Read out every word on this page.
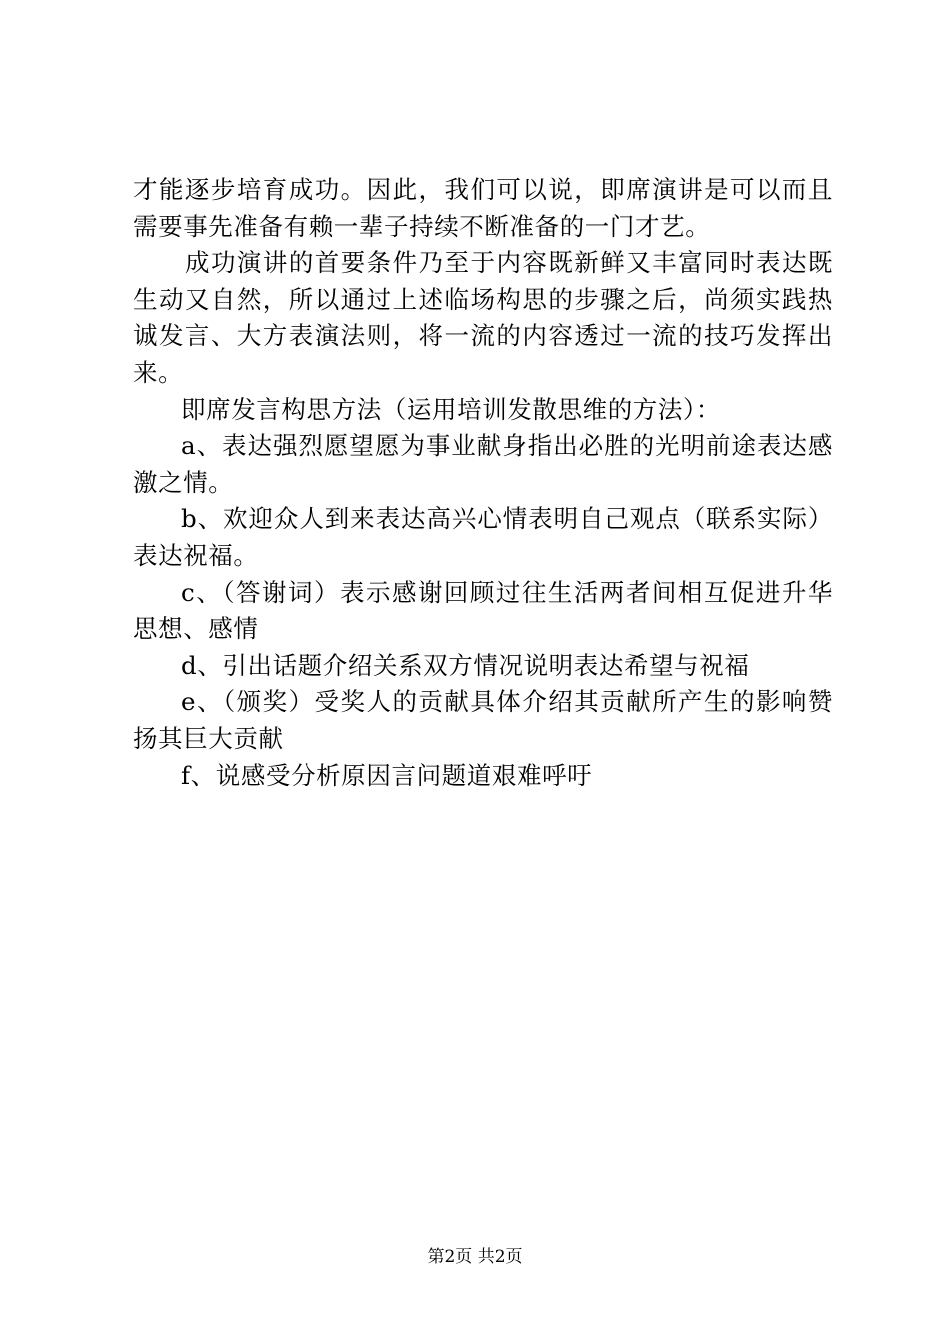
才能逐步培育成功。因此，我们可以说，即席演讲是可以而且需要事先准备有赖一辈子持续不断准备的一门才艺。

成功演讲的首要条件乃至于内容既新鲜又丰富同时表达既生动又自然，所以通过上述临场构思的步骤之后，尚须实践热诚发言、大方表演法则，将一流的内容透过一流的技巧发挥出来。

即席发言构思方法（运用培训发散思维的方法）：

a、表达强烈愿望愿为事业献身指出必胜的光明前途表达感激之情。

b、欢迎众人到来表达高兴心情表明自己观点（联系实际）表达祝福。

c、（答谢词）表示感谢回顾过往生活两者间相互促进升华思想、感情

d、引出话题介绍关系双方情况说明表达希望与祝福

e、（颁奖）受奖人的贡献具体介绍其贡献所产生的影响赞扬其巨大贡献

f、说感受分析原因言问题道艰难呼吁

第2页 共2页
